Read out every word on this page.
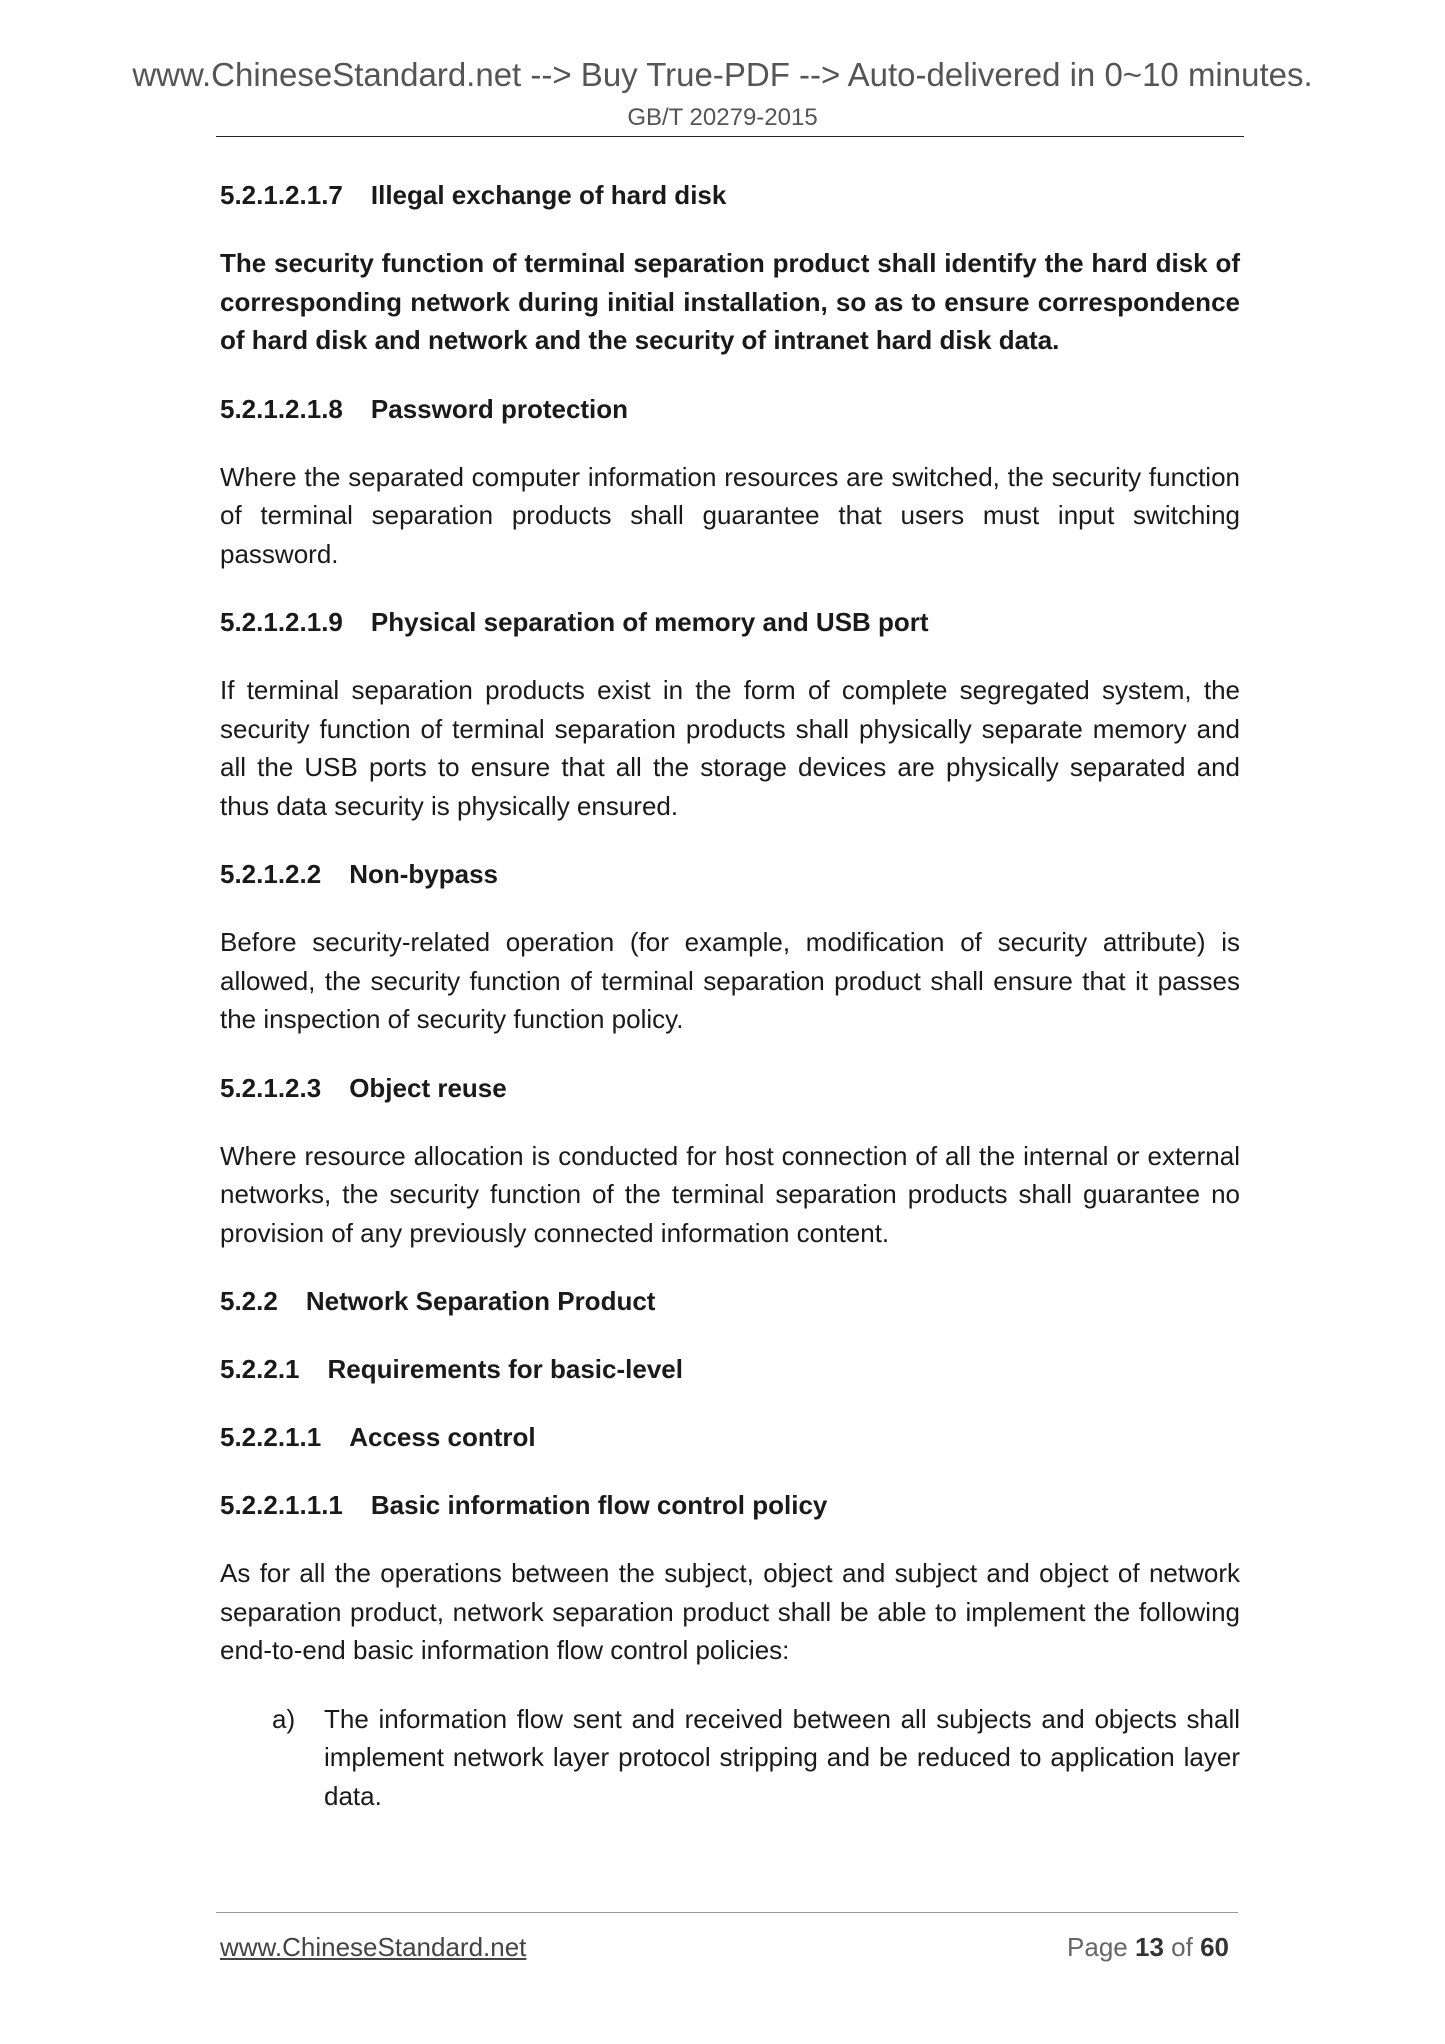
www.ChineseStandard.net --> Buy True-PDF --> Auto-delivered in 0~10 minutes.
GB/T 20279-2015
5.2.1.2.1.7 Illegal exchange of hard disk

The security function of terminal separation product shall identify the hard disk of corresponding network during initial installation, so as to ensure correspondence of hard disk and network and the security of intranet hard disk data.

5.2.1.2.1.8 Password protection

Where the separated computer information resources are switched, the security function of terminal separation products shall guarantee that users must input switching password.

5.2.1.2.1.9 Physical separation of memory and USB port

If terminal separation products exist in the form of complete segregated system, the security function of terminal separation products shall physically separate memory and all the USB ports to ensure that all the storage devices are physically separated and thus data security is physically ensured.

5.2.1.2.2 Non-bypass

Before security-related operation (for example, modification of security attribute) is allowed, the security function of terminal separation product shall ensure that it passes the inspection of security function policy.

5.2.1.2.3 Object reuse

Where resource allocation is conducted for host connection of all the internal or external networks, the security function of the terminal separation products shall guarantee no provision of any previously connected information content.

5.2.2 Network Separation Product
5.2.2.1 Requirements for basic-level
5.2.2.1.1 Access control
5.2.2.1.1.1 Basic information flow control policy

As for all the operations between the subject, object and subject and object of network separation product, network separation product shall be able to implement the following end-to-end basic information flow control policies:

a) The information flow sent and received between all subjects and objects shall implement network layer protocol stripping and be reduced to application layer data.
www.ChineseStandard.net	Page 13 of 60
